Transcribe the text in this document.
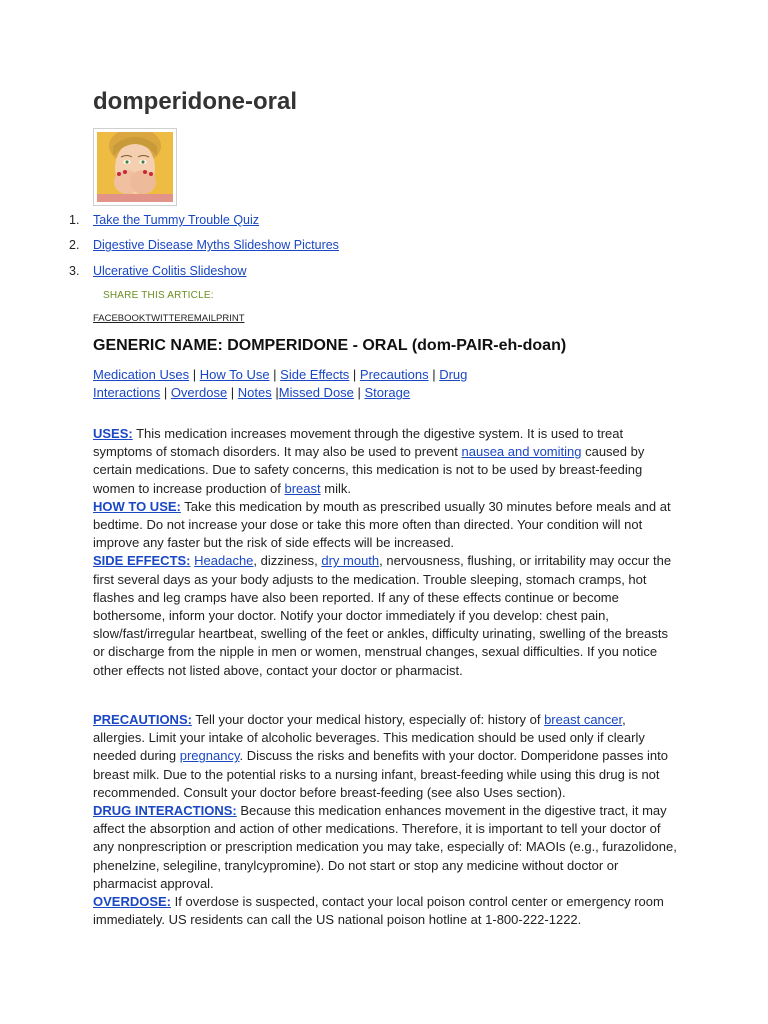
domperidone-oral
1. Take the Tummy Trouble Quiz
2. Digestive Disease Myths Slideshow Pictures
3. Ulcerative Colitis Slideshow
SHARE THIS ARTICLE:
FACEBOOKTWITTEREMAILPRINT
GENERIC NAME: DOMPERIDONE - ORAL (dom-PAIR-eh-doan)
Medication Uses | How To Use | Side Effects | Precautions | Drug
Interactions | Overdose | Notes |Missed Dose | Storage

USES: This medication increases movement through the digestive system. It is used to treat symptoms of stomach disorders. It may also be used to prevent nausea and vomiting caused by certain medications. Due to safety concerns, this medication is not to be used by breast-feeding women to increase production of breast milk.

HOW TO USE: Take this medication by mouth as prescribed usually 30 minutes before meals and at bedtime. Do not increase your dose or take this more often than directed. Your condition will not improve any faster but the risk of side effects will be increased.

SIDE EFFECTS: Headache, dizziness, dry mouth, nervousness, flushing, or irritability may occur the first several days as your body adjusts to the medication. Trouble sleeping, stomach cramps, hot flashes and leg cramps have also been reported. If any of these effects continue or become bothersome, inform your doctor. Notify your doctor immediately if you develop: chest pain, slow/fast/irregular heartbeat, swelling of the feet or ankles, difficulty urinating, swelling of the breasts or discharge from the nipple in men or women, menstrual changes, sexual difficulties. If you notice other effects not listed above, contact your doctor or pharmacist.

PRECAUTIONS: Tell your doctor your medical history, especially of: history of breast cancer, allergies. Limit your intake of alcoholic beverages. This medication should be used only if clearly needed during pregnancy. Discuss the risks and benefits with your doctor. Domperidone passes into breast milk. Due to the potential risks to a nursing infant, breast-feeding while using this drug is not recommended. Consult your doctor before breast-feeding (see also Uses section).

DRUG INTERACTIONS: Because this medication enhances movement in the digestive tract, it may affect the absorption and action of other medications. Therefore, it is important to tell your doctor of any nonprescription or prescription medication you may take, especially of: MAOIs (e.g., furazolidone, phenelzine, selegiline, tranylcypromine). Do not start or stop any medicine without doctor or pharmacist approval.

OVERDOSE: If overdose is suspected, contact your local poison control center or emergency room immediately. US residents can call the US national poison hotline at 1-800-222-1222.
